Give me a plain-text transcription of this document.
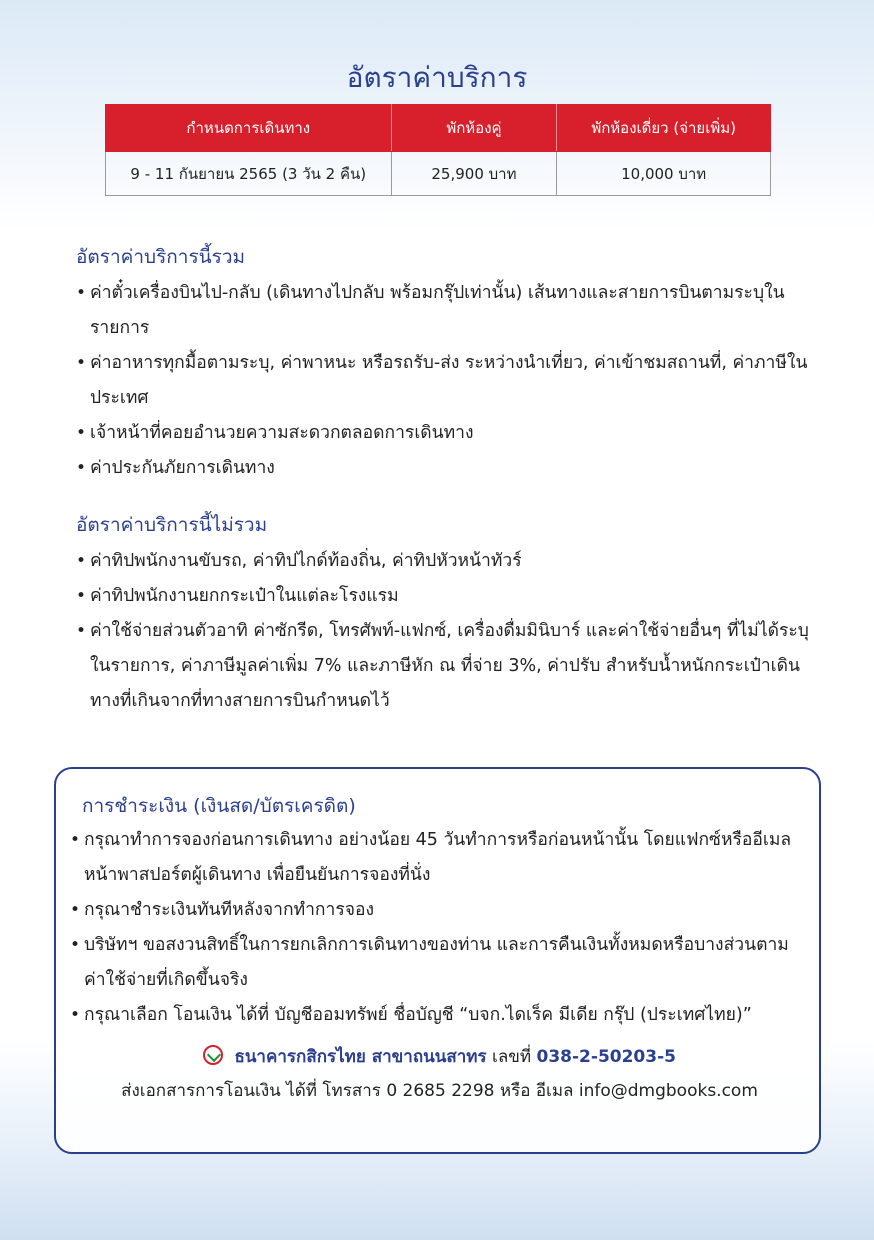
อัตราค่าบริการ
กำหนดการเดินทาง	พักห้องคู่	พักห้องเดี่ยว (จ่ายเพิ่ม)
9 - 11 กันยายน 2565 (3 วัน 2 คืน)	25,900 บาท	10,000 บาท
อัตราค่าบริการนี้รวม
• ค่าตั๋วเครื่องบินไป-กลับ (เดินทางไปกลับ พร้อมกรุ๊ปเท่านั้น) เส้นทางและสายการบินตามระบุในรายการ
• ค่าอาหารทุกมื้อตามระบุ, ค่าพาหนะ หรือรถรับ-ส่ง ระหว่างนำเที่ยว, ค่าเข้าชมสถานที่, ค่าภาษีในประเทศ
• เจ้าหน้าที่คอยอำนวยความสะดวกตลอดการเดินทาง
• ค่าประกันภัยการเดินทาง
อัตราค่าบริการนี้ไม่รวม
• ค่าทิปพนักงานขับรถ, ค่าทิปไกด์ท้องถิ่น, ค่าทิปหัวหน้าทัวร์
• ค่าทิปพนักงานยกกระเป๋าในแต่ละโรงแรม
• ค่าใช้จ่ายส่วนตัวอาทิ ค่าซักรีด, โทรศัพท์-แฟกซ์, เครื่องดื่มมินิบาร์ และค่าใช้จ่ายอื่นๆ ที่ไม่ได้ระบุในรายการ, ค่าภาษีมูลค่าเพิ่ม 7% และภาษีหัก ณ ที่จ่าย 3%, ค่าปรับ สำหรับน้ำหนักกระเป๋าเดินทางที่เกินจากที่ทางสายการบินกำหนดไว้
การชำระเงิน (เงินสด/บัตรเครดิต)
• กรุณาทำการจองก่อนการเดินทาง อย่างน้อย 45 วันทำการหรือก่อนหน้านั้น โดยแฟกซ์หรืออีเมลหน้าพาสปอร์ตผู้เดินทาง เพื่อยืนยันการจองที่นั่ง
• กรุณาชำระเงินทันทีหลังจากทำการจอง
• บริษัทฯ ขอสงวนสิทธิ์ในการยกเลิกการเดินทางของท่าน และการคืนเงินทั้งหมดหรือบางส่วนตามค่าใช้จ่ายที่เกิดขึ้นจริง
• กรุณาเลือก โอนเงิน ได้ที่ บัญชีออมทรัพย์ ชื่อบัญชี “บจก.ไดเร็ค มีเดีย กรุ๊ป (ประเทศไทย)”
ธนาคารกสิกรไทย สาขาถนนสาทร เลขที่ 038-2-50203-5
ส่งเอกสารการโอนเงิน ได้ที่ โทรสาร 0 2685 2298 หรือ อีเมล info@dmgbooks.com
